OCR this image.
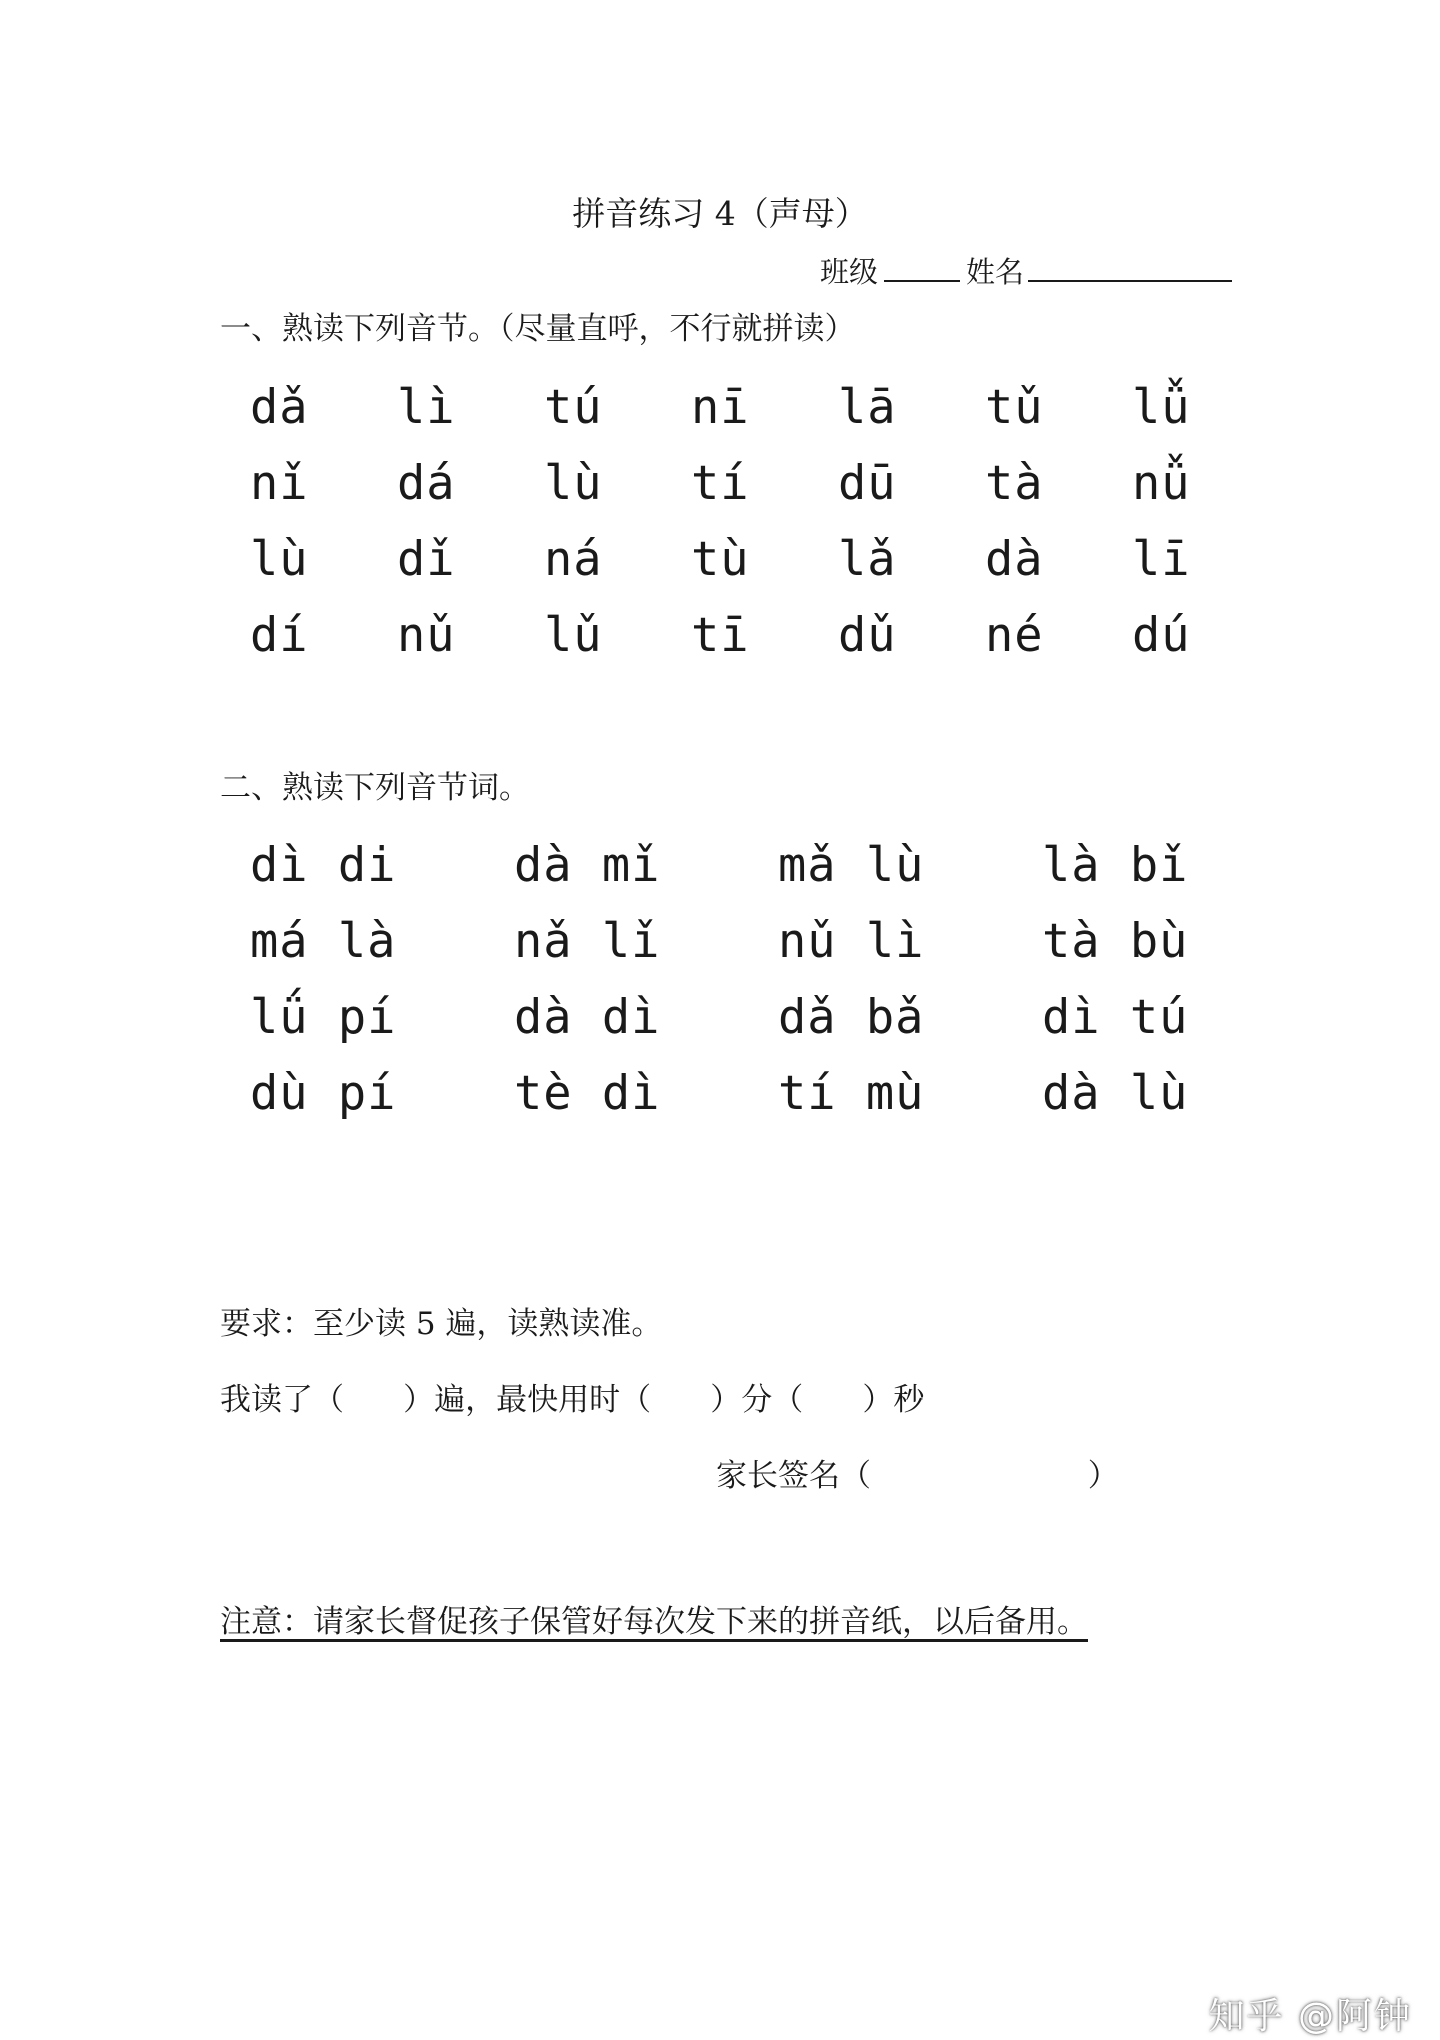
拼音练习 4（声母）
班级	姓名
一、熟读下列音节。（尽量直呼，不行就拼读）
dǎ	lì	tú	nī	lā	tǔ	lǚ
nǐ	dá	lù	tí	dū	tà	nǚ
lù	dǐ	ná	tù	lǎ	dà	lī
dí	nǔ	lǔ	tī	dǔ	né	dú
二、熟读下列音节词。
dì di	dà mǐ	mǎ lù	là bǐ
má là	nǎ lǐ	nǔ lì	tà bù
lǘ pí	dà dì	dǎ bǎ	dì tú
dù pí	tè dì	tí mù	dà lù
要求：至少读 5 遍，读熟读准。
我读了（      ）遍，最快用时（      ）分（      ）秒
家长签名（                      ）
注意：请家长督促孩子保管好每次发下来的拼音纸，以后备用。
知乎 @阿钟
